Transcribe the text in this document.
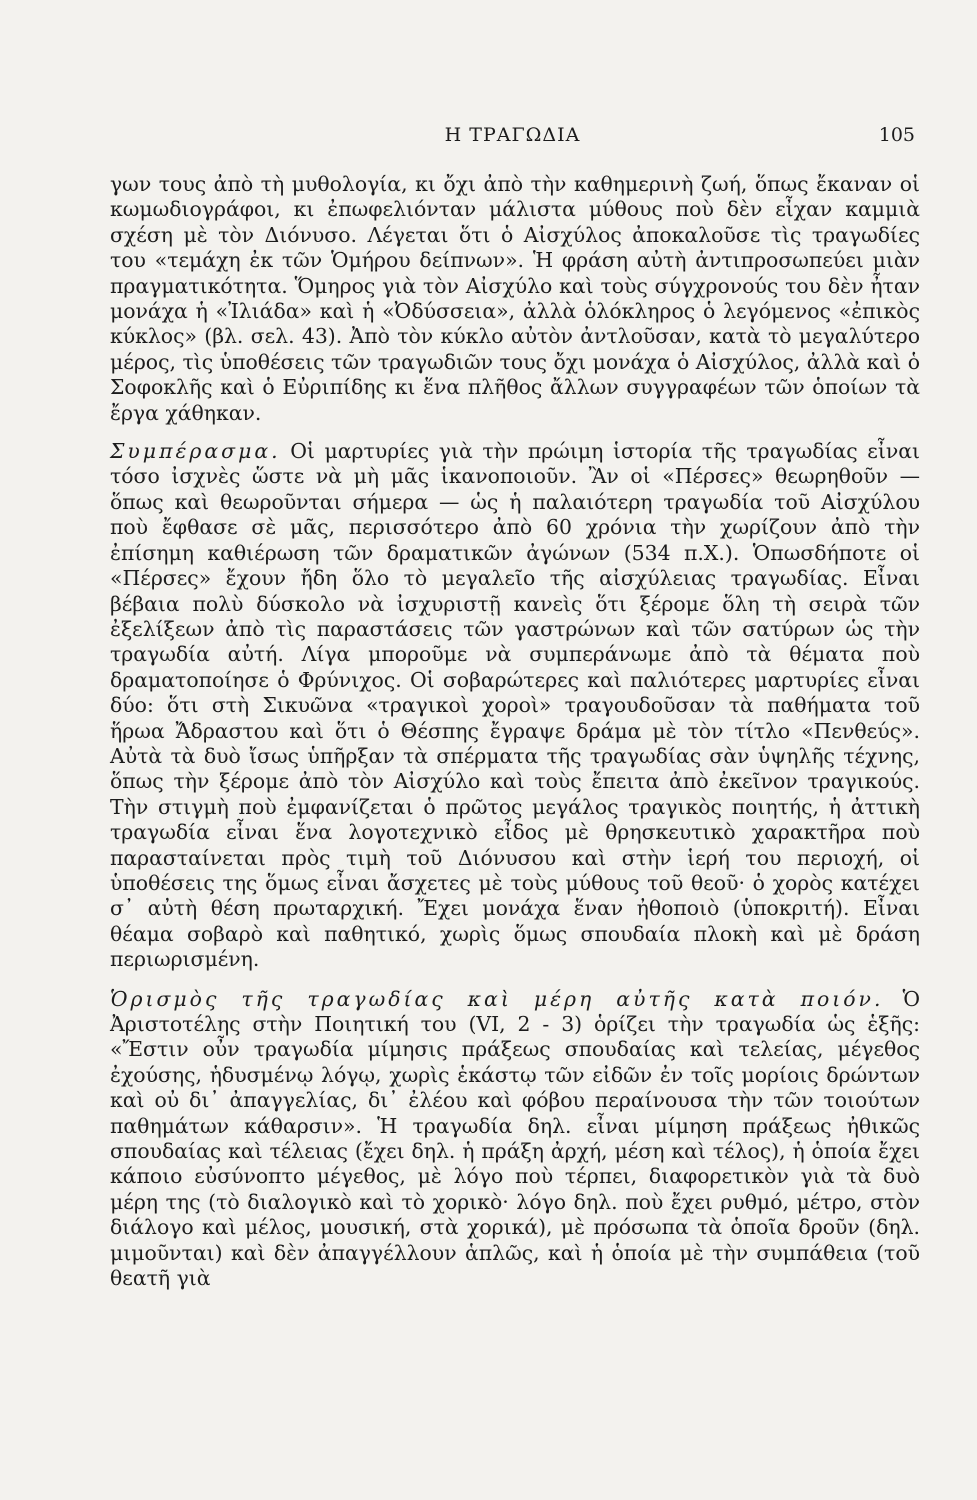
Η ΤΡΑΓΩΔΙΑ	105

γων τους ἀπὸ τὴ μυθολογία, κι ὄχι ἀπὸ τὴν καθημερινὴ ζωή, ὅπως ἔκαναν οἱ κωμωδιογράφοι, κι ἐπωφελιόνταν μάλιστα μύθους ποὺ δὲν εἶχαν καμμιὰ σχέση μὲ τὸν Διόνυσο. Λέγεται ὅτι ὁ Αἰσχύλος ἀποκαλοῦσε τὶς τραγωδίες του «τεμάχη ἐκ τῶν Ὁμήρου δείπνων». Ἡ φράση αὐτὴ ἀντιπροσωπεύει μιὰν πραγματικότητα. Ὅμηρος γιὰ τὸν Αἰσχύλο καὶ τοὺς σύγχρονούς του δὲν ἦταν μονάχα ἡ «Ἰλιάδα» καὶ ἡ «Ὀδύσσεια», ἀλλὰ ὁλόκληρος ὁ λεγόμενος «ἐπικὸς κύκλος» (βλ. σελ. 43). Ἀπὸ τὸν κύκλο αὐτὸν ἀντλοῦσαν, κατὰ τὸ μεγαλύτερο μέρος, τὶς ὑποθέσεις τῶν τραγωδιῶν τους ὄχι μονάχα ὁ Αἰσχύλος, ἀλλὰ καὶ ὁ Σοφοκλῆς καὶ ὁ Εὐριπίδης κι ἕνα πλῆθος ἄλλων συγγραφέων τῶν ὁποίων τὰ ἔργα χάθηκαν.

Συμπέρασμα. Οἱ μαρτυρίες γιὰ τὴν πρώιμη ἱστορία τῆς τραγωδίας εἶναι τόσο ἰσχνὲς ὥστε νὰ μὴ μᾶς ἱκανοποιοῦν. Ἂν οἱ «Πέρσες» θεωρηθοῦν — ὅπως καὶ θεωροῦνται σήμερα — ὡς ἡ παλαιότερη τραγωδία τοῦ Αἰσχύλου ποὺ ἔφθασε σὲ μᾶς, περισσότερο ἀπὸ 60 χρόνια τὴν χωρίζουν ἀπὸ τὴν ἐπίσημη καθιέρωση τῶν δραματικῶν ἀγώνων (534 π.Χ.). Ὁπωσδήποτε οἱ «Πέρσες» ἔχουν ἤδη ὅλο τὸ μεγαλεῖο τῆς αἰσχύλειας τραγωδίας. Εἶναι βέβαια πολὺ δύσκολο νὰ ἰσχυριστῇ κανεὶς ὅτι ξέρομε ὅλη τὴ σειρὰ τῶν ἐξελίξεων ἀπὸ τὶς παραστάσεις τῶν γαστρώνων καὶ τῶν σατύρων ὡς τὴν τραγωδία αὐτή. Λίγα μποροῦμε νὰ συμπεράνωμε ἀπὸ τὰ θέματα ποὺ δραματοποίησε ὁ Φρύνιχος. Οἱ σοβαρώτερες καὶ παλιότερες μαρτυρίες εἶναι δύο: ὅτι στὴ Σικυῶνα «τραγικοὶ χοροὶ» τραγουδοῦσαν τὰ παθήματα τοῦ ἥρωα Ἄδραστου καὶ ὅτι ὁ Θέσπης ἔγραψε δράμα μὲ τὸν τίτλο «Πενθεύς». Αὐτὰ τὰ δυὸ ἴσως ὑπῆρξαν τὰ σπέρματα τῆς τραγωδίας σὰν ὑψηλῆς τέχνης, ὅπως τὴν ξέρομε ἀπὸ τὸν Αἰσχύλο καὶ τοὺς ἔπειτα ἀπὸ ἐκεῖνον τραγικούς. Τὴν στιγμὴ ποὺ ἐμφανίζεται ὁ πρῶτος μεγάλος τραγικὸς ποιητής, ἡ ἀττικὴ τραγωδία εἶναι ἕνα λογοτεχνικὸ εἶδος μὲ θρησκευτικὸ χαρακτῆρα ποὺ παρασταίνεται πρὸς τιμὴ τοῦ Διόνυσου καὶ στὴν ἱερή του περιοχή, οἱ ὑποθέσεις της ὅμως εἶναι ἄσχετες μὲ τοὺς μύθους τοῦ θεοῦ· ὁ χορὸς κατέχει σ᾿ αὐτὴ θέση πρωταρχική. Ἔχει μονάχα ἕναν ἠθοποιὸ (ὑποκριτή). Εἶναι θέαμα σοβαρὸ καὶ παθητικό, χωρὶς ὅμως σπουδαία πλοκὴ καὶ μὲ δράση περιωρισμένη.

Ὁρισμὸς τῆς τραγωδίας καὶ μέρη αὐτῆς κατὰ ποιόν. Ὁ Ἀριστοτέλης στὴν Ποιητική του (VI, 2 - 3) ὁρίζει τὴν τραγωδία ὡς ἑξῆς: «Ἔστιν οὖν τραγωδία μίμησις πράξεως σπουδαίας καὶ τελείας, μέγεθος ἐχούσης, ἡδυσμένῳ λόγῳ, χωρὶς ἑκάστῳ τῶν εἰδῶν ἐν τοῖς μορίοις δρώντων καὶ οὐ δι᾿ ἀπαγγελίας, δι᾿ ἐλέου καὶ φόβου περαίνουσα τὴν τῶν τοιούτων παθημάτων κάθαρσιν». Ἡ τραγωδία δηλ. εἶναι μίμηση πράξεως ἠθικῶς σπουδαίας καὶ τέλειας (ἔχει δηλ. ἡ πράξη ἀρχή, μέση καὶ τέλος), ἡ ὁποία ἔχει κάποιο εὐσύνοπτο μέγεθος, μὲ λόγο ποὺ τέρπει, διαφορετικὸν γιὰ τὰ δυὸ μέρη της (τὸ διαλογικὸ καὶ τὸ χορικὸ· λόγο δηλ. ποὺ ἔχει ρυθμό, μέτρο, στὸν διάλογο καὶ μέλος, μουσική, στὰ χορικά), μὲ πρόσωπα τὰ ὁποῖα δροῦν (δηλ. μιμοῦνται) καὶ δὲν ἀπαγγέλλουν ἁπλῶς, καὶ ἡ ὁποία μὲ τὴν συμπάθεια (τοῦ θεατῆ γιὰ
